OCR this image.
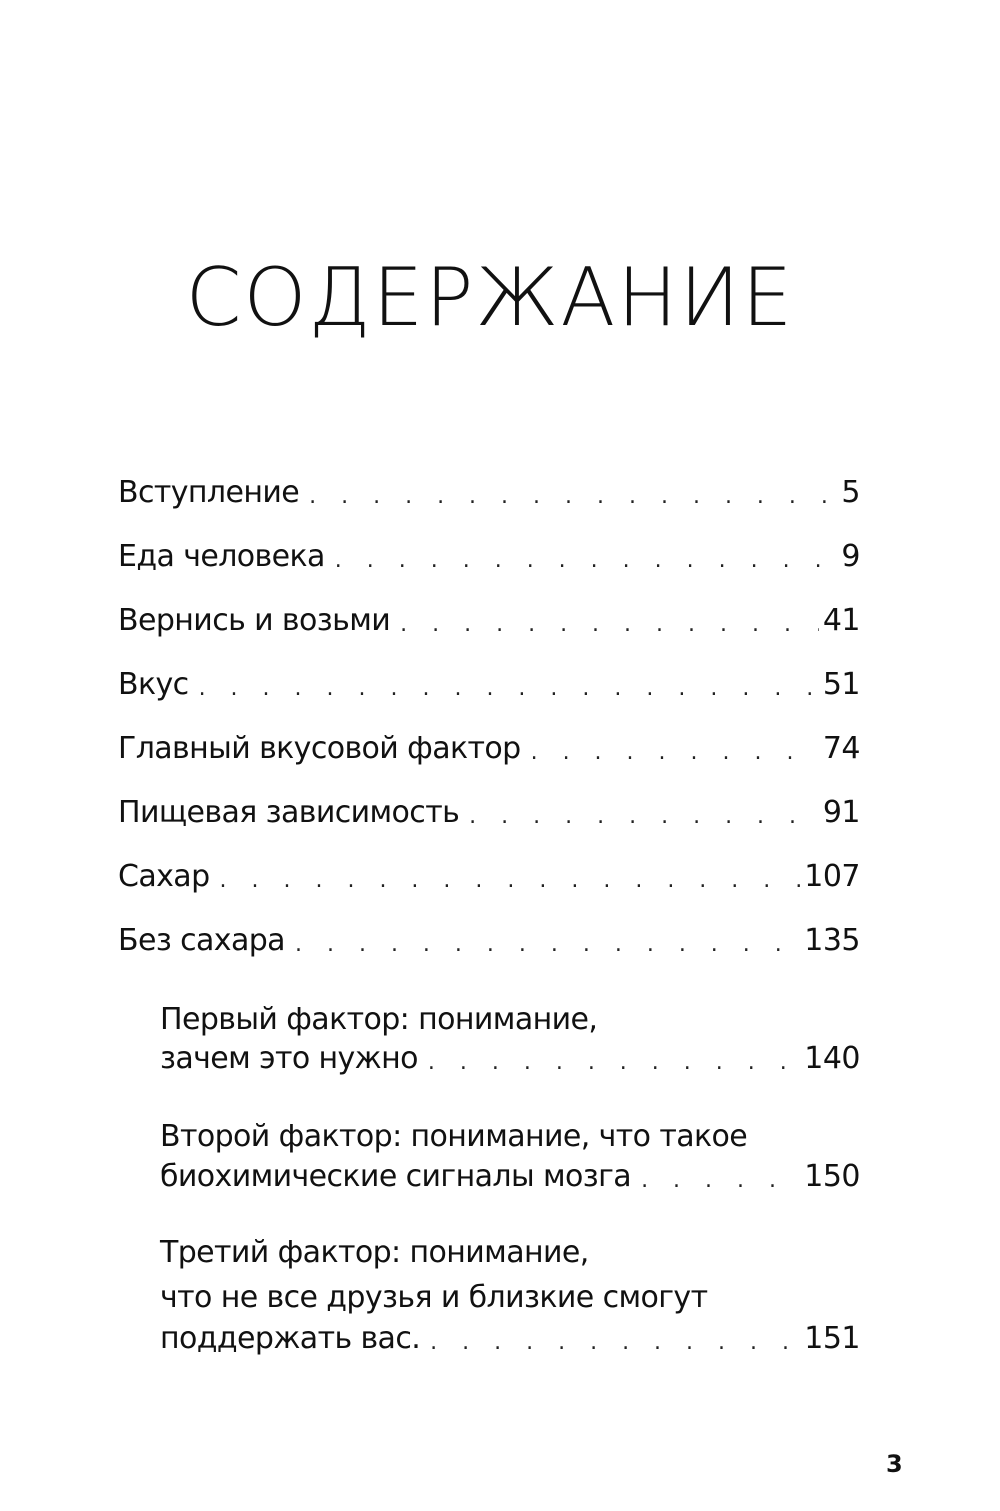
СОДЕРЖАНИЕ
Вступление . . .	5
Еда человека . . .	9
Вернись и возьми . . .	41
Вкус . . .	51
Главный вкусовой фактор . . .	74
Пищевая зависимость . . .	91
Сахар . . .	107
Без сахара . . .	135
Первый фактор: понимание,
зачем это нужно . . .	140
Второй фактор: понимание, что такое
биохимические сигналы мозга . . .	150
Третий фактор: понимание,
что не все друзья и близкие смогут
поддержать вас. . . .	151
3
